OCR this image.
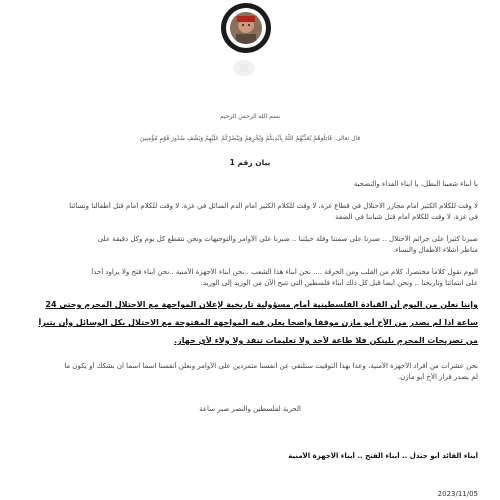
بسم الله الرحمن الرحيم
قال تعالى: قَاتِلُوهُمْ يُعَذِّبْهُمُ اللَّهُ بِأَيْدِيكُمْ وَيُخْزِهِمْ وَيَنْصُرْكُمْ عَلَيْهِمْ وَيَشْفِ صُدُورَ قَوْمٍ مُؤْمِنِينَ
بيان رقم 1
يا أبناء شعبنا البطل، يا أبناء الفداء والتضحية
لا وقت للكلام الكثير أمام مجازر الاحتلال في قطاع غزة، لا وقت للكلام الكثير أمام الدم السائل في غزة، لا وقت للكلام أمام قتل أطفالنا ونسائنا
في غزة، لا وقت للكلام أمام قتل شبابنا في الضفة
صبرنا كثيراً على جرائم الاحتلال .. صبرنا على صمتنا وقلة حيلتنا .. صبرنا على الأوامر والتوجيهات ونحن نتقطع كل يوم وكل دقيقة على
مناظر أشلاء الأطفال والنساء.
اليوم نقول كلاماً مختصراً، كلام من القلب ومن الحرقة .... نحن أبناء هذا الشعب ..نحن أبناء الأجهزة الأمنية ..نحن أبناء فتح ولا يزاود أحدا
على انتمائنا وتاريخنا .. ونحن أيضا قبل كل ذلك أبناء فلسطين التي تنبح الآن من الوريد إلى الوريد.
وإننا نعلن من اليوم أن القيادة الفلسطينية أمام مسؤولية تاريخية لإعلان المواجهة مع الاحتلال المجرم وحتى 24
ساعة اذا لم يصدر من الأخ أبو مازن موقفاً واضحاً يعلن فيه المواجهة المفتوحة مع الاحتلال بكل الوسائل وأن يتبرأ
من تصريحات المجرم بلينكن فلا طاعة لأحد ولا تعليمات تنفذ ولا ولاء لأي جهاز.
نحن عشرات من أفراد الأجهزة الأمنية، وعدا بهذا التوقيت سنلتقي عن أنفسنا متمردين على الأوامر ونعلن أنفسنا اسما اسما ان بشكك أو يكون ما
لم يصدر قرار الأخ أبو مازن.
الحرية لفلسطين والنصر صبر ساعة
أبناء القائد أبو جندل .. أبناء الفتح .. أبناء الأجهزة الأمنية
2023/11/05
